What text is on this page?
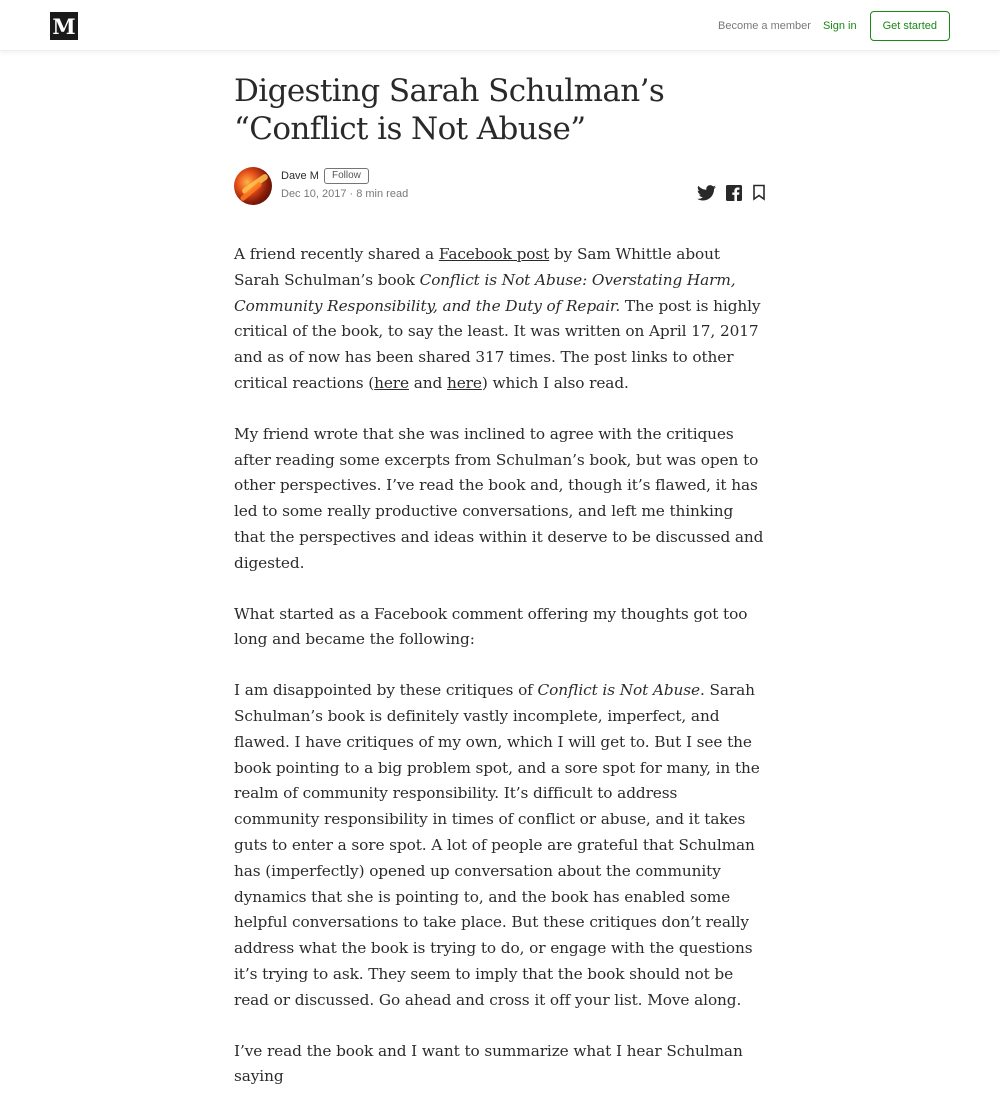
M	Become a member Sign in	Get started
Digesting Sarah Schulman’s “Conflict is Not Abuse”
Dave M	Follow
Dec 10, 2017 · 8 min read

A friend recently shared a Facebook post by Sam Whittle about Sarah Schulman’s book Conflict is Not Abuse: Overstating Harm, Community Responsibility, and the Duty of Repair. The post is highly critical of the book, to say the least. It was written on April 17, 2017 and as of now has been shared 317 times. The post links to other critical reactions (here and here) which I also read.

My friend wrote that she was inclined to agree with the critiques after reading some excerpts from Schulman’s book, but was open to other perspectives. I’ve read the book and, though it’s flawed, it has led to some really productive conversations, and left me thinking that the perspectives and ideas within it deserve to be discussed and digested.

What started as a Facebook comment offering my thoughts got too long and became the following:

I am disappointed by these critiques of Conflict is Not Abuse. Sarah Schulman’s book is definitely vastly incomplete, imperfect, and flawed. I have critiques of my own, which I will get to. But I see the book pointing to a big problem spot, and a sore spot for many, in the realm of community responsibility. It’s difficult to address community responsibility in times of conflict or abuse, and it takes guts to enter a sore spot. A lot of people are grateful that Schulman has (imperfectly) opened up conversation about the community dynamics that she is pointing to, and the book has enabled some helpful conversations to take place. But these critiques don’t really address what the book is trying to do, or engage with the questions it’s trying to ask. They seem to imply that the book should not be read or discussed. Go ahead and cross it off your list. Move along.

I’ve read the book and I want to summarize what I hear Schulman saying
